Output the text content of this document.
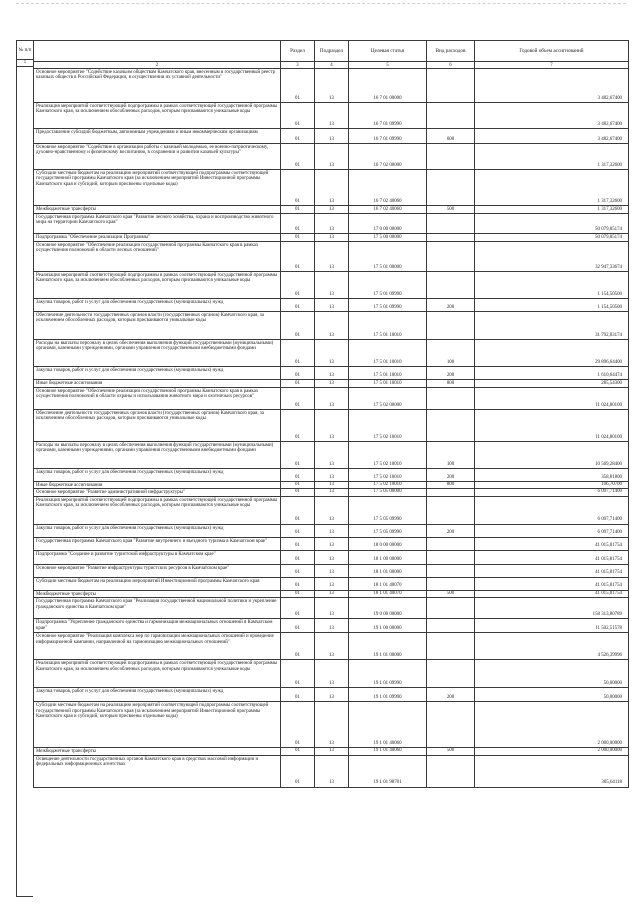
№ п/п
1
	Раздел	Подраздел	Целевая статья	Вид расходов	Годовой объем ассигнований
2	3	4	5	6	7
Основное мероприятие "Содействие казачьим обществам Камчатского края, внесенным в государственный реестр казачьих обществ в Российской Федерации, в осуществлении их уставной деятельности"	01	13	16 7 01 00000		3 482,67400
Реализация мероприятий соответствующей подпрограммы в рамках соответствующей государственной программы Камчатского края, за исключением обособленных расходов, которым присваиваются уникальные коды	01	13	16 7 01 09990		3 482,67400
Предоставление субсидий бюджетным, автономным учреждениям и иным некоммерческим организациям	01	13	16 7 01 09990	600	3 482,67400
Основное мероприятие "Содействие в организации работы с казачьей молодежью, ее военно-патриотическому, духовно-нравственному и физическому воспитанию, в сохранении и развитии казачьей культуры"	01	13	16 7 02 00000		1 317,32600
Субсидии местным бюджетам на реализацию мероприятий соответствующей подпрограммы соответствующей государственной программы Камчатского края (за исключением мероприятий Инвестиционной программы Камчатского края и субсидий, которым присвоены отдельные коды)	01	13	16 7 02 40060		1 317,32600
Межбюджетные трансферты	01	13	16 7 02 40060	500	1 317,32600
Государственная программа Камчатского края "Развитие лесного хозяйства, охрана и воспроизводство животного мира на территории Камчатского края"	01	13	17 0 00 00000		50 079,85174
Подпрограмма "Обеспечение реализации Программы"	01	13	17 5 00 00000		50 079,85174
Основное мероприятие "Обеспечение реализации государственной программы Камчатского края в рамках осуществления полномочий в области лесных отношений"	01	13	17 5 01 00000		32 947,33674
Реализация мероприятий соответствующей подпрограммы в рамках соответствующей государственной программы Камчатского края, за исключением обособленных расходов, которым присваиваются уникальные коды	01	13	17 5 01 09990		1 154,50500
Закупка товаров, работ и услуг для обеспечения государственных (муниципальных) нужд	01	13	17 5 01 09990	200	1 154,50500
Обеспечение деятельности государственных органов власти (государственных органов) Камчатского края, за исключением обособленных расходов, которым присваиваются уникальные коды	01	13	17 5 01 10010		31 792,83174
Расходы на выплаты персоналу в целях обеспечения выполнения функций государственными (муниципальными) органами, казенными учреждениями, органами управления государственными внебюджетными фондами	01	13	17 5 01 10010	100	29 896,64400
Закупка товаров, работ и услуг для обеспечения государственных (муниципальных) нужд	01	13	17 5 01 10010	200	1 610,64474
Иные бюджетные ассигнования	01	13	17 5 01 10010	800	285,54300
Основное мероприятие "Обеспечение реализации государственной программы Камчатского края в рамках осуществления полномочий в области охраны и использования животного мира и охотничьих ресурсов"	01	13	17 5 02 00000		11 024,80100
Обеспечение деятельности государственных органов власти (государственных органов) Камчатского края, за исключением обособленных расходов, которым присваиваются уникальные коды	01	13	17 5 02 10010		11 024,80100
Расходы на выплаты персоналу в целях обеспечения выполнения функций государственными (муниципальными) органами, казенными учреждениями, органами управления государственными внебюджетными фондами	01	13	17 5 02 10010	100	10 569,28400
Закупка товаров, работ и услуг для обеспечения государственных (муниципальных) нужд	01	13	17 5 02 10010	200	358,81800
Иные бюджетные ассигнования	01	13	17 5 02 10010	800	106,70700
Основное мероприятие "Развитие административной инфраструктуры"	01	13	17 5 05 00000		6 097,71400
Реализация мероприятий соответствующей подпрограммы в рамках соответствующей государственной программы Камчатского края, за исключением обособленных расходов, которым присваиваются уникальные коды	01	13	17 5 05 09990		6 097,71400
Закупка товаров, работ и услуг для обеспечения государственных (муниципальных) нужд	01	13	17 5 05 09990	200	6 097,71400
Государственная программа Камчатского края "Развитие внутреннего и въездного туризма в Камчатском крае"	01	13	18 0 00 00000		41 015,81754
Подпрограмма "Создание и развитие туристской инфраструктуры в Камчатском крае"	01	13	18 1 00 00000		41 015,81754
Основное мероприятие "Развитие инфраструктуры туристских ресурсов в Камчатском крае"	01	13	18 1 01 00000		41 015,81754
Субсидии местным бюджетам на реализацию мероприятий Инвестиционной программы Камчатского края	01	13	18 1 01 40070		41 015,81754
Межбюджетные трансферты	01	13	18 1 01 40070	500	41 015,81754
Государственная программа Камчатского края "Реализация государственной национальной политики и укрепление гражданского единства в Камчатском крае"	01	13	19 0 00 00000		158 313,80789
Подпрограмма "Укрепление гражданского единства и гармонизация межнациональных отношений в Камчатском крае"	01	13	19 1 00 00000		11 502,51578
Основное мероприятие "Реализация комплекса мер по гармонизации межнациональных отношений и проведение информационной кампании, направленной на гармонизацию межнациональных отношений"	01	13	19 1 01 00000		4 526,39996
Реализация мероприятий соответствующей подпрограммы в рамках соответствующей государственной программы Камчатского края, за исключением обособленных расходов, которым присваиваются уникальные коды	01	13	19 1 01 09990		50,00000
Закупка товаров, работ и услуг для обеспечения государственных (муниципальных) нужд	01	13	19 1 01 09990	200	50,00000
Субсидии местным бюджетам на реализацию мероприятий соответствующей подпрограммы соответствующей государственной программы Камчатского края (за исключением мероприятий Инвестиционной программы Камчатского края и субсидий, которым присвоены отдельные коды)	01	13	19 1 01 40060		2 000,00000
Межбюджетные трансферты	01	13	19 1 01 40060	500	2 000,00000
Освещение деятельности государственных органов Камчатского края в средствах массовой информации и федеральных информационных агентствах	01	13	19 1 01 98701		305,64118
